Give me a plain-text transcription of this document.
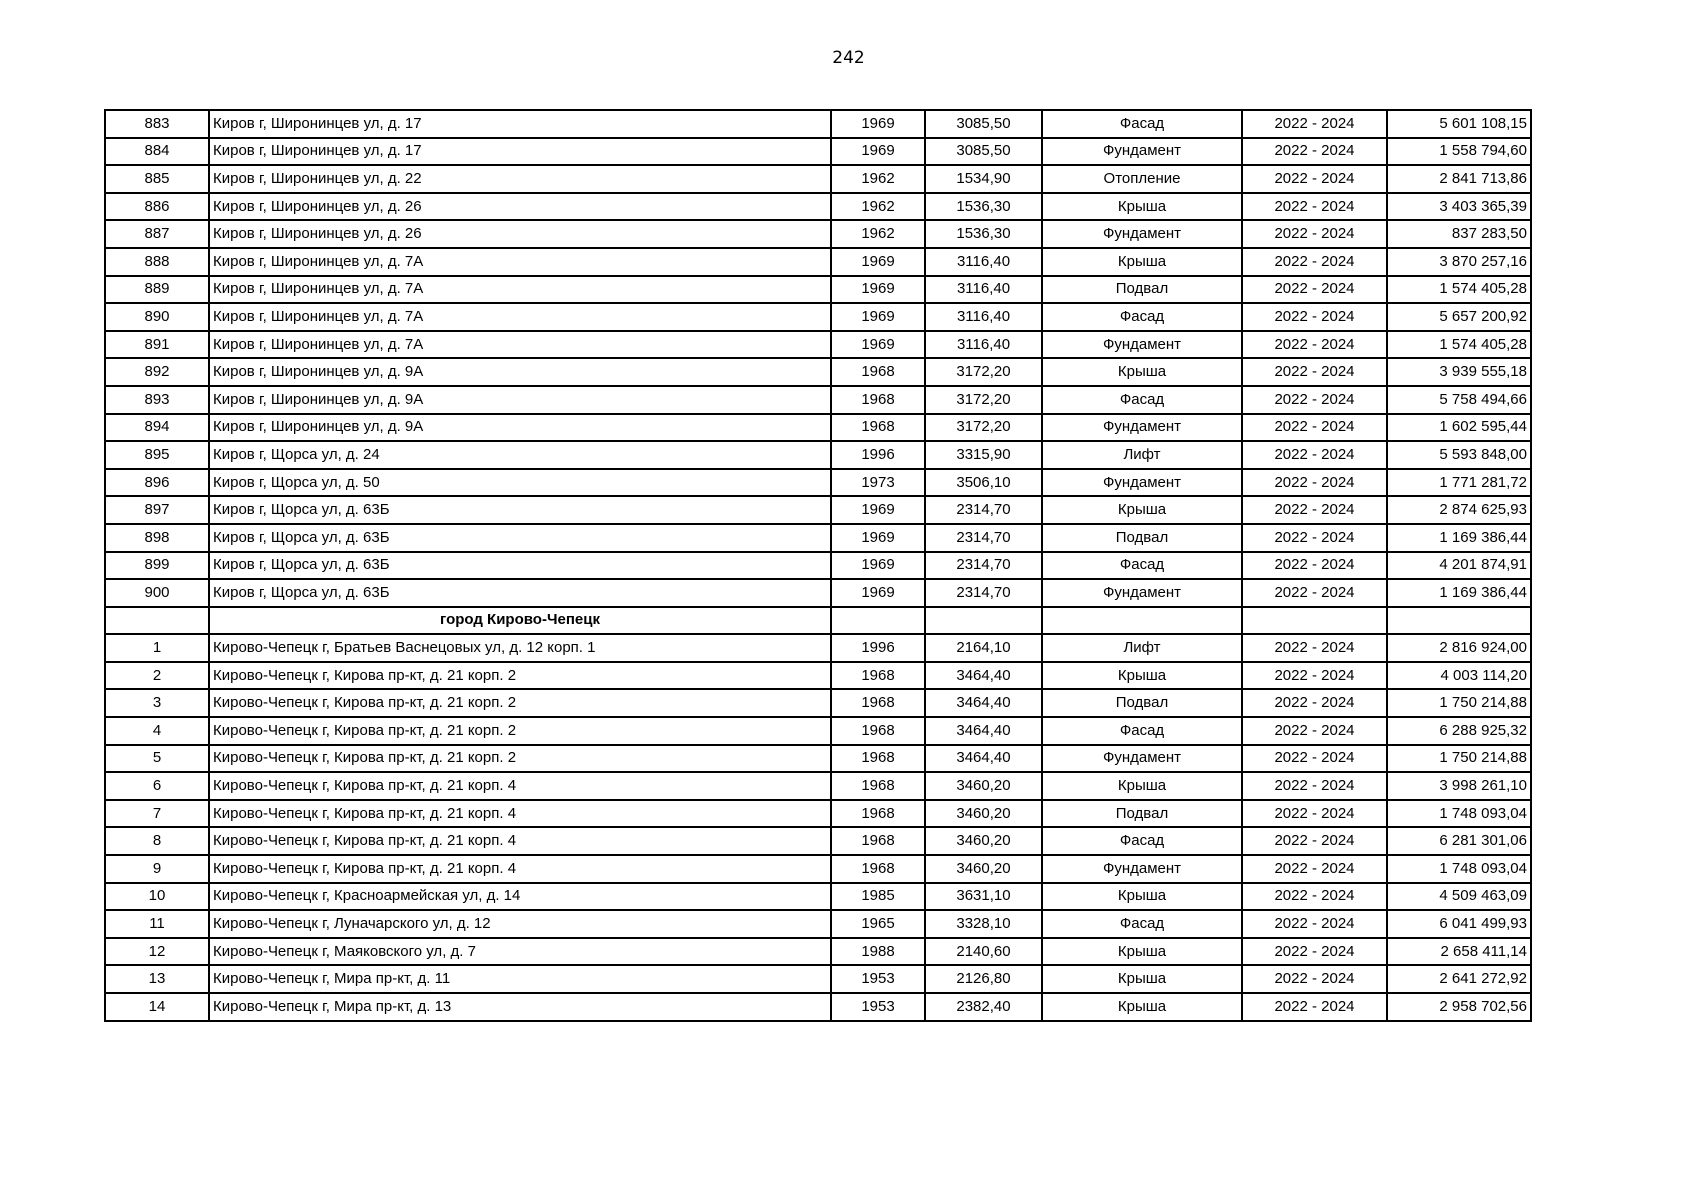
242
883	Киров г, Широнинцев ул, д. 17	1969	3085,50	Фасад	2022 - 2024	5 601 108,15
884	Киров г, Широнинцев ул, д. 17	1969	3085,50	Фундамент	2022 - 2024	1 558 794,60
885	Киров г, Широнинцев ул, д. 22	1962	1534,90	Отопление	2022 - 2024	2 841 713,86
886	Киров г, Широнинцев ул, д. 26	1962	1536,30	Крыша	2022 - 2024	3 403 365,39
887	Киров г, Широнинцев ул, д. 26	1962	1536,30	Фундамент	2022 - 2024	837 283,50
888	Киров г, Широнинцев ул, д. 7А	1969	3116,40	Крыша	2022 - 2024	3 870 257,16
889	Киров г, Широнинцев ул, д. 7А	1969	3116,40	Подвал	2022 - 2024	1 574 405,28
890	Киров г, Широнинцев ул, д. 7А	1969	3116,40	Фасад	2022 - 2024	5 657 200,92
891	Киров г, Широнинцев ул, д. 7А	1969	3116,40	Фундамент	2022 - 2024	1 574 405,28
892	Киров г, Широнинцев ул, д. 9А	1968	3172,20	Крыша	2022 - 2024	3 939 555,18
893	Киров г, Широнинцев ул, д. 9А	1968	3172,20	Фасад	2022 - 2024	5 758 494,66
894	Киров г, Широнинцев ул, д. 9А	1968	3172,20	Фундамент	2022 - 2024	1 602 595,44
895	Киров г, Щорса ул, д. 24	1996	3315,90	Лифт	2022 - 2024	5 593 848,00
896	Киров г, Щорса ул, д. 50	1973	3506,10	Фундамент	2022 - 2024	1 771 281,72
897	Киров г, Щорса ул, д. 63Б	1969	2314,70	Крыша	2022 - 2024	2 874 625,93
898	Киров г, Щорса ул, д. 63Б	1969	2314,70	Подвал	2022 - 2024	1 169 386,44
899	Киров г, Щорса ул, д. 63Б	1969	2314,70	Фасад	2022 - 2024	4 201 874,91
900	Киров г, Щорса ул, д. 63Б	1969	2314,70	Фундамент	2022 - 2024	1 169 386,44
	город Кирово-Чепецк					
1	Кирово-Чепецк г, Братьев Васнецовых ул, д. 12 корп. 1	1996	2164,10	Лифт	2022 - 2024	2 816 924,00
2	Кирово-Чепецк г, Кирова пр-кт, д. 21 корп. 2	1968	3464,40	Крыша	2022 - 2024	4 003 114,20
3	Кирово-Чепецк г, Кирова пр-кт, д. 21 корп. 2	1968	3464,40	Подвал	2022 - 2024	1 750 214,88
4	Кирово-Чепецк г, Кирова пр-кт, д. 21 корп. 2	1968	3464,40	Фасад	2022 - 2024	6 288 925,32
5	Кирово-Чепецк г, Кирова пр-кт, д. 21 корп. 2	1968	3464,40	Фундамент	2022 - 2024	1 750 214,88
6	Кирово-Чепецк г, Кирова пр-кт, д. 21 корп. 4	1968	3460,20	Крыша	2022 - 2024	3 998 261,10
7	Кирово-Чепецк г, Кирова пр-кт, д. 21 корп. 4	1968	3460,20	Подвал	2022 - 2024	1 748 093,04
8	Кирово-Чепецк г, Кирова пр-кт, д. 21 корп. 4	1968	3460,20	Фасад	2022 - 2024	6 281 301,06
9	Кирово-Чепецк г, Кирова пр-кт, д. 21 корп. 4	1968	3460,20	Фундамент	2022 - 2024	1 748 093,04
10	Кирово-Чепецк г, Красноармейская ул, д. 14	1985	3631,10	Крыша	2022 - 2024	4 509 463,09
11	Кирово-Чепецк г, Луначарского ул, д. 12	1965	3328,10	Фасад	2022 - 2024	6 041 499,93
12	Кирово-Чепецк г, Маяковского ул, д. 7	1988	2140,60	Крыша	2022 - 2024	2 658 411,14
13	Кирово-Чепецк г, Мира пр-кт, д. 11	1953	2126,80	Крыша	2022 - 2024	2 641 272,92
14	Кирово-Чепецк г, Мира пр-кт, д. 13	1953	2382,40	Крыша	2022 - 2024	2 958 702,56
